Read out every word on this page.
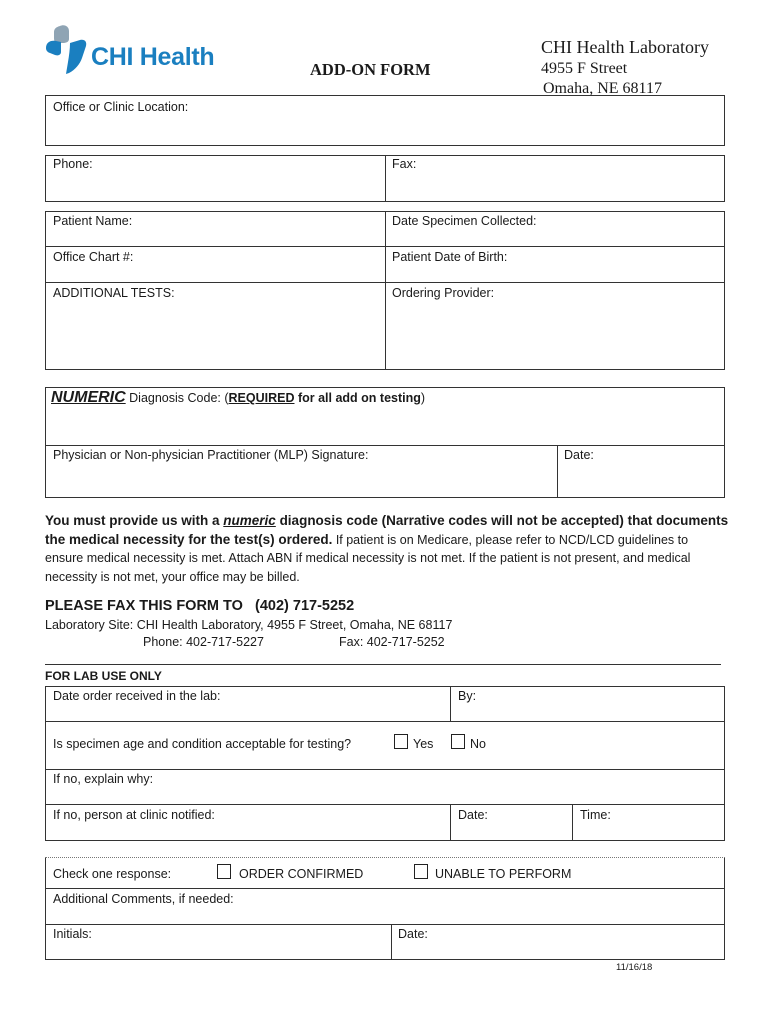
CHI Health	ADD-ON FORM
CHI Health Laboratory
4955 F Street
Omaha, NE 68117
Office or Clinic Location:
Phone:	Fax:
Patient Name:	Date Specimen Collected:
Office Chart #:	Patient Date of Birth:
ADDITIONAL TESTS:	Ordering Provider:
NUMERIC Diagnosis Code: (REQUIRED for all add on testing)
Physician or Non-physician Practitioner (MLP) Signature:	Date:
You must provide us with a numeric diagnosis code (Narrative codes will not be accepted) that documents
the medical necessity for the test(s) ordered. If patient is on Medicare, please refer to NCD/LCD guidelines to
ensure medical necessity is met. Attach ABN if medical necessity is not met. If the patient is not present, and medical
necessity is not met, your office may be billed.
PLEASE FAX THIS FORM TO (402) 717-5252
Laboratory Site: CHI Health Laboratory, 4955 F Street, Omaha, NE 68117
Phone: 402-717-5227	Fax: 402-717-5252
FOR LAB USE ONLY
Date order received in the lab:	By:
Is specimen age and condition acceptable for testing?	Yes	No
If no, explain why:
If no, person at clinic notified:	Date:	Time:
Check one response:	ORDER CONFIRMED	UNABLE TO PERFORM
Additional Comments, if needed:
Initials:	Date:
11/16/18
